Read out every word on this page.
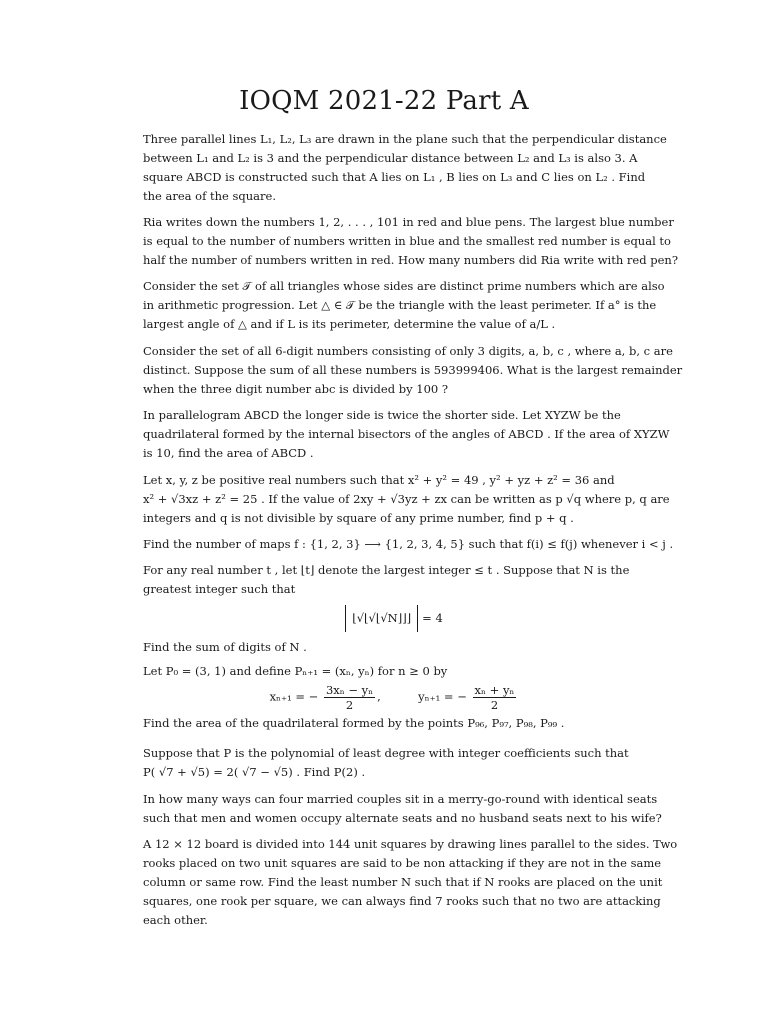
IOQM 2021-22 Part A
Three parallel lines L₁, L₂, L₃ are drawn in the plane such that the perpendicular distance
between L₁ and L₂ is 3 and the perpendicular distance between L₂ and L₃ is also 3. A
square ABCD is constructed such that A lies on L₁ , B lies on L₃ and C lies on L₂ . Find
the area of the square.
Ria writes down the numbers 1, 2, . . . , 101 in red and blue pens. The largest blue number
is equal to the number of numbers written in blue and the smallest red number is equal to
half the number of numbers written in red. How many numbers did Ria write with red pen?
Consider the set 𝒯 of all triangles whose sides are distinct prime numbers which are also
in arithmetic progression. Let △ ∈ 𝒯 be the triangle with the least perimeter. If a° is the
largest angle of △ and if L is its perimeter, determine the value of a/L .
Consider the set of all 6-digit numbers consisting of only 3 digits, a, b, c , where a, b, c are
distinct. Suppose the sum of all these numbers is 593999406. What is the largest remainder
when the three digit number abc is divided by 100 ?
In parallelogram ABCD the longer side is twice the shorter side. Let XYZW be the
quadrilateral formed by the internal bisectors of the angles of ABCD . If the area of XYZW
is 10, find the area of ABCD .
Let x, y, z be positive real numbers such that x² + y² = 49 , y² + yz + z² = 36 and
x² + √3xz + z² = 25 . If the value of 2xy + √3yz + zx can be written as p √q where p, q are
integers and q is not divisible by square of any prime number, find p + q .
Find the number of maps f : {1, 2, 3} ⟶ {1, 2, 3, 4, 5} such that f(i) ≤ f(j) whenever i < j .
For any real number t , let ⌊t⌋ denote the largest integer ≤ t . Suppose that N is the
greatest integer such that
⌊√⌊√⌊√N⌋⌋⌋ = 4
Find the sum of digits of N .
Let P₀ = (3, 1) and define Pₙ₊₁ = (xₙ, yₙ) for n ≥ 0 by
xₙ₊₁ = − $\frac{\text{3xₙ − yₙ}}{2}$ ,	yₙ₊₁ = − $\frac{\text{xₙ + yₙ}}{2}$
Find the area of the quadrilateral formed by the points P₉₆, P₉₇, P₉₈, P₉₉ .
Suppose that P is the polynomial of least degree with integer coefficients such that
P( √7 + √5) = 2( √7 − √5) . Find P(2) .
In how many ways can four married couples sit in a merry-go-round with identical seats
such that men and women occupy alternate seats and no husband seats next to his wife?
A 12 × 12 board is divided into 144 unit squares by drawing lines parallel to the sides. Two
rooks placed on two unit squares are said to be non attacking if they are not in the same
column or same row. Find the least number N such that if N rooks are placed on the unit
squares, one rook per square, we can always find 7 rooks such that no two are attacking
each other.
